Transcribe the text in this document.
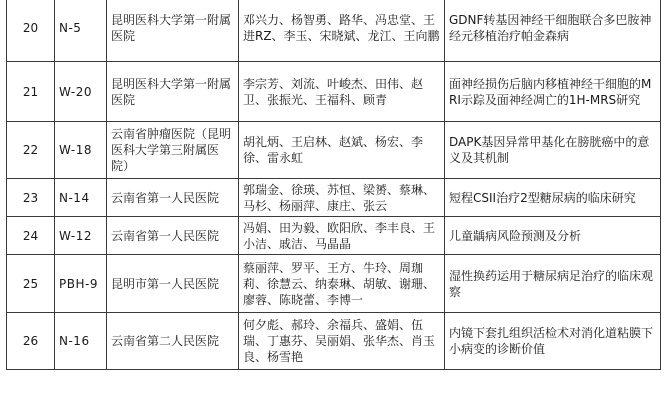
20	N-5	昆明医科大学第一附属医院	邓兴力、杨智勇、路华、冯忠堂、王进RZ、李玉、宋晓斌、龙江、王向鹏	GDNF转基因神经干细胞联合多巴胺神经元移植治疗帕金森病
21	W-20	昆明医科大学第一附属医院	李宗芳、刘流、叶峻杰、田伟、赵卫、张振光、王福科、顾青	面神经损伤后脑内移植神经干细胞的MRI示踪及面神经凋亡的1H-MRS研究
22	W-18	云南省肿瘤医院（昆明医科大学第三附属医院）	胡礼炳、王启林、赵斌、杨宏、李徐、雷永虹	DAPK基因异常甲基化在膀胱癌中的意义及其机制
23	N-14	云南省第一人民医院	郭瑞金、徐瑛、苏恒、梁赟、蔡琳、马杉、杨丽萍、康庄、张云	短程CSII治疗2型糖尿病的临床研究
24	W-12	云南省第一人民医院	冯娟、田为毅、欧阳欣、李丰良、王小洁、戚洁、马晶晶	儿童龋病风险预测及分析
25	PBH-9	昆明市第一人民医院	蔡丽萍、罗平、王方、牛玲、周珈莉、徐慧云、纳泰琳、胡敏、谢珊、廖蓉、陈晓蕾、李博一	湿性换药运用于糖尿病足治疗的临床观察
26	N-16	云南省第二人民医院	何夕彪、郝玲、余福兵、盛娟、伍瑞、丁惠芬、吴丽娟、张华杰、肖玉良、杨雪艳	内镜下套扎组织活检术对消化道粘膜下小病变的诊断价值
